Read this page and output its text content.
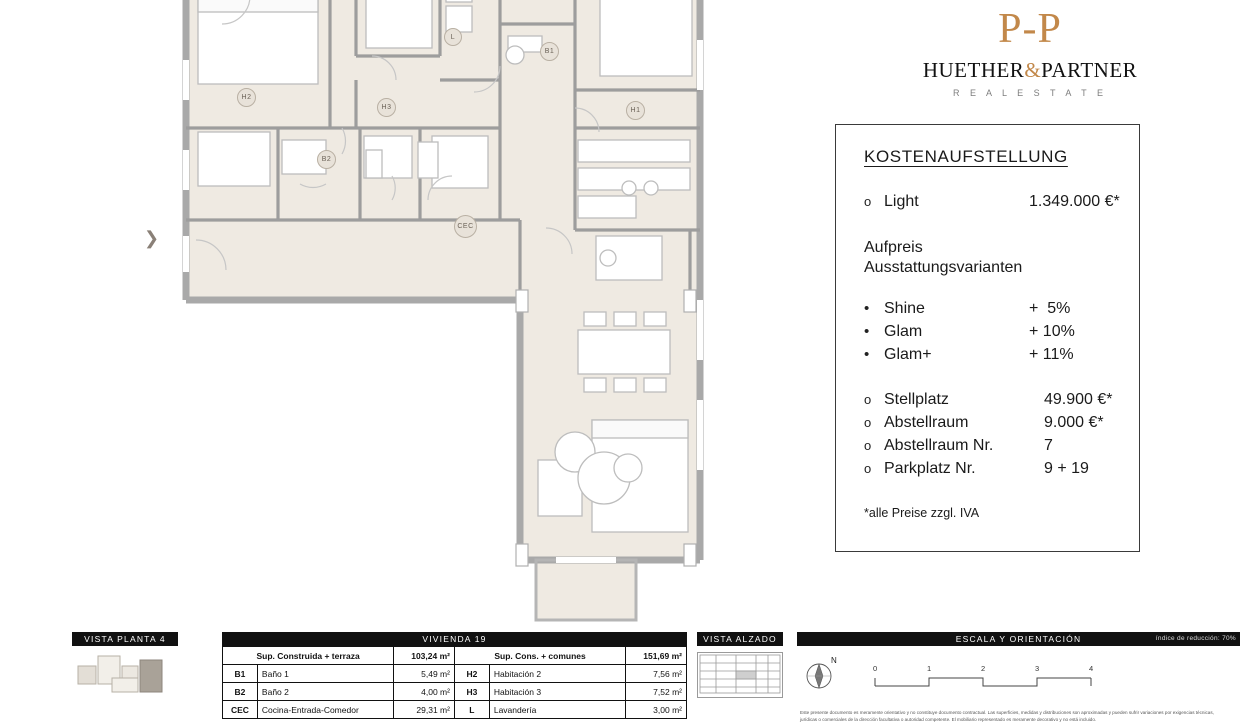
❯
L
B1
H2
H3	H1
B2
CEC
P-P
HUETHER&PARTNER
R E A L E S T A T E
KOSTENAUFSTELLUNG
o Light	1.349.000 €*
Aufpreis
Ausstattungsvarianten
• Shine	+  5%
• Glam	+ 10%
• Glam+	+ 11%
o Stellplatz	49.900 €*
o Abstellraum	9.000 €*
o Abstellraum Nr.	7
o Parkplatz Nr.	9 + 19
*alle Preise zzgl. IVA
VISTA PLANTA 4	VIVIENDA 19
Sup. Construida + terraza		103,24 m²	Sup. Cons. + comunes		151,69 m²
B1	Baño 1	5,49 m²	H2	Habitación 2	7,56 m²
B2	Baño 2	4,00 m²	H3	Habitación 3	7,52 m²
CEC	Cocina-Entrada-Comedor	29,31 m²	L	Lavandería	3,00 m²
VISTA ALZADO	ESCALA Y ORIENTACIÓN	índice de reducción: 70%
N
0	1	2	3	4
Este presente documento es meramente orientativo y no constituye documento contractual. Las superficies, medidas y distribuciones son aproximadas y pueden sufrir variaciones por exigencias técnicas, jurídicas o comerciales de la dirección facultativa o autoridad competente. El mobiliario representado es meramente decorativo y no está incluido.
